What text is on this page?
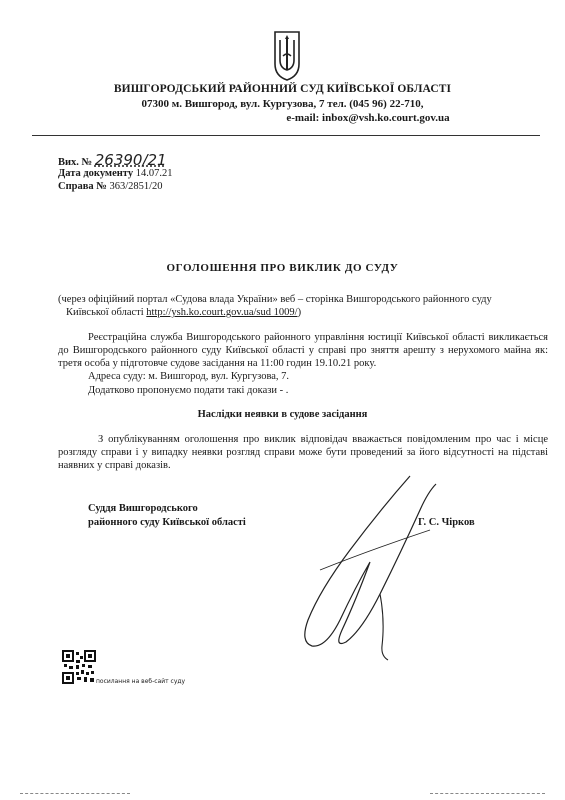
ВИШГОРОДСЬКИЙ РАЙОННИЙ СУД КИЇВСЬКОЇ ОБЛАСТІ
07300 м. Вишгород, вул. Кургузова, 7 тел. (045 96) 22-710,
e-mail: inbox@vsh.ko.court.gov.ua
Вих. № 26390/21
Дата документу 14.07.21
Справа № 363/2851/20
ОГОЛОШЕННЯ ПРО ВИКЛИК ДО СУДУ
(через офіційний портал «Судова влада України» веб – сторінка Вишгородського районного суду
Київської області http://ysh.ko.court.gov.ua/sud 1009/)
Реєстраційна служба Вишгородського районного управління юстиції Київської області викликається до Вишгородського районного суду Київської області у справі про зняття арешту з нерухомого майна як: третя особа у підготовче судове засідання на 11:00 годин 19.10.21 року.
Адреса суду: м. Вишгород, вул. Кургузова, 7.
Додатково пропонуємо подати такі докази - .
Наслідки неявки в судове засідання
З опублікуванням оголошення про виклик відповідач вважається повідомленим про час і місце розгляду справи і у випадку неявки розгляд справи може бути проведений за його відсутності на підставі наявних у справі доказів.
Суддя Вишгородського
районного суду Київської області	Г. С. Чірков
посилання на веб-сайт суду
